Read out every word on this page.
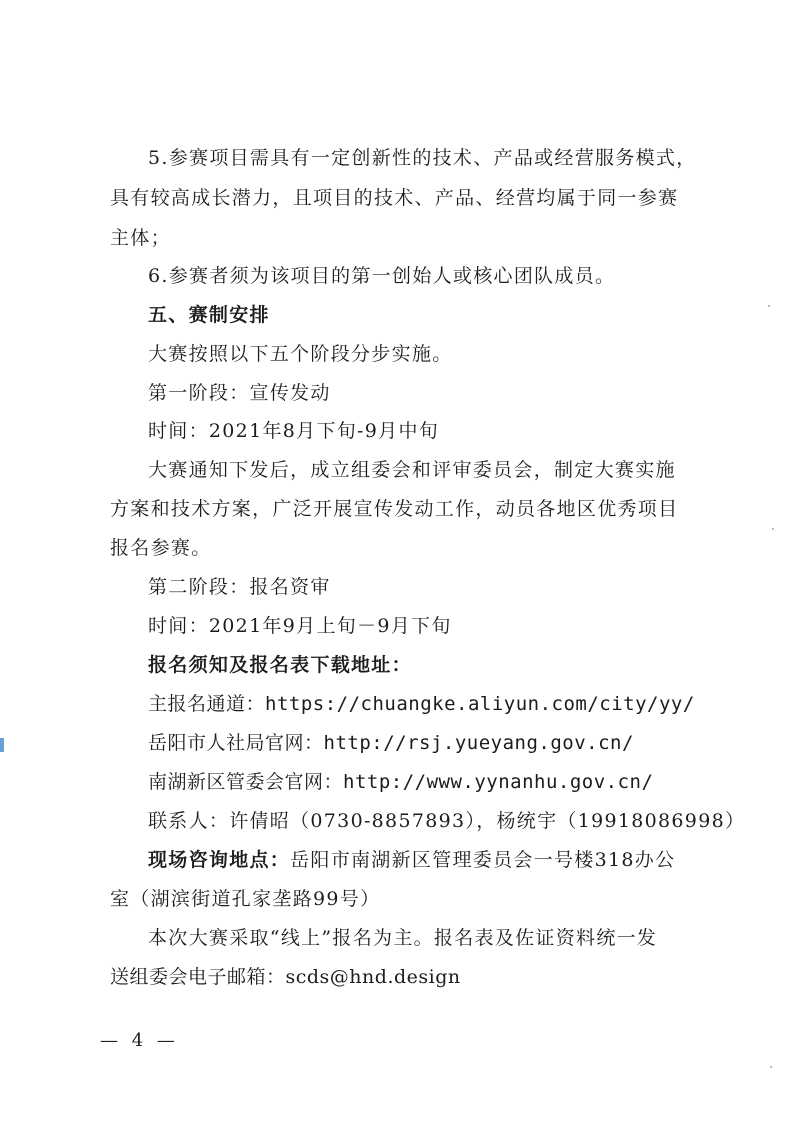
5.参赛项目需具有一定创新性的技术、产品或经营服务模式，
具有较高成长潜力，且项目的技术、产品、经营均属于同一参赛
主体；
6.参赛者须为该项目的第一创始人或核心团队成员。
五、赛制安排
大赛按照以下五个阶段分步实施。
第一阶段：宣传发动
时间：2021年8月下旬-9月中旬
大赛通知下发后，成立组委会和评审委员会，制定大赛实施
方案和技术方案，广泛开展宣传发动工作，动员各地区优秀项目
报名参赛。
第二阶段：报名资审
时间：2021年9月上旬－9月下旬
报名须知及报名表下载地址：
主报名通道：https://chuangke.aliyun.com/city/yy/
岳阳市人社局官网：http://rsj.yueyang.gov.cn/
南湖新区管委会官网：http://www.yynanhu.gov.cn/
联系人：许倩昭（0730-8857893），杨统宇（19918086998）
现场咨询地点：岳阳市南湖新区管理委员会一号楼318办公
室（湖滨街道孔家垄路99号）
本次大赛采取“线上”报名为主。报名表及佐证资料统一发
送组委会电子邮箱：scds@hnd.design
— 4 —
